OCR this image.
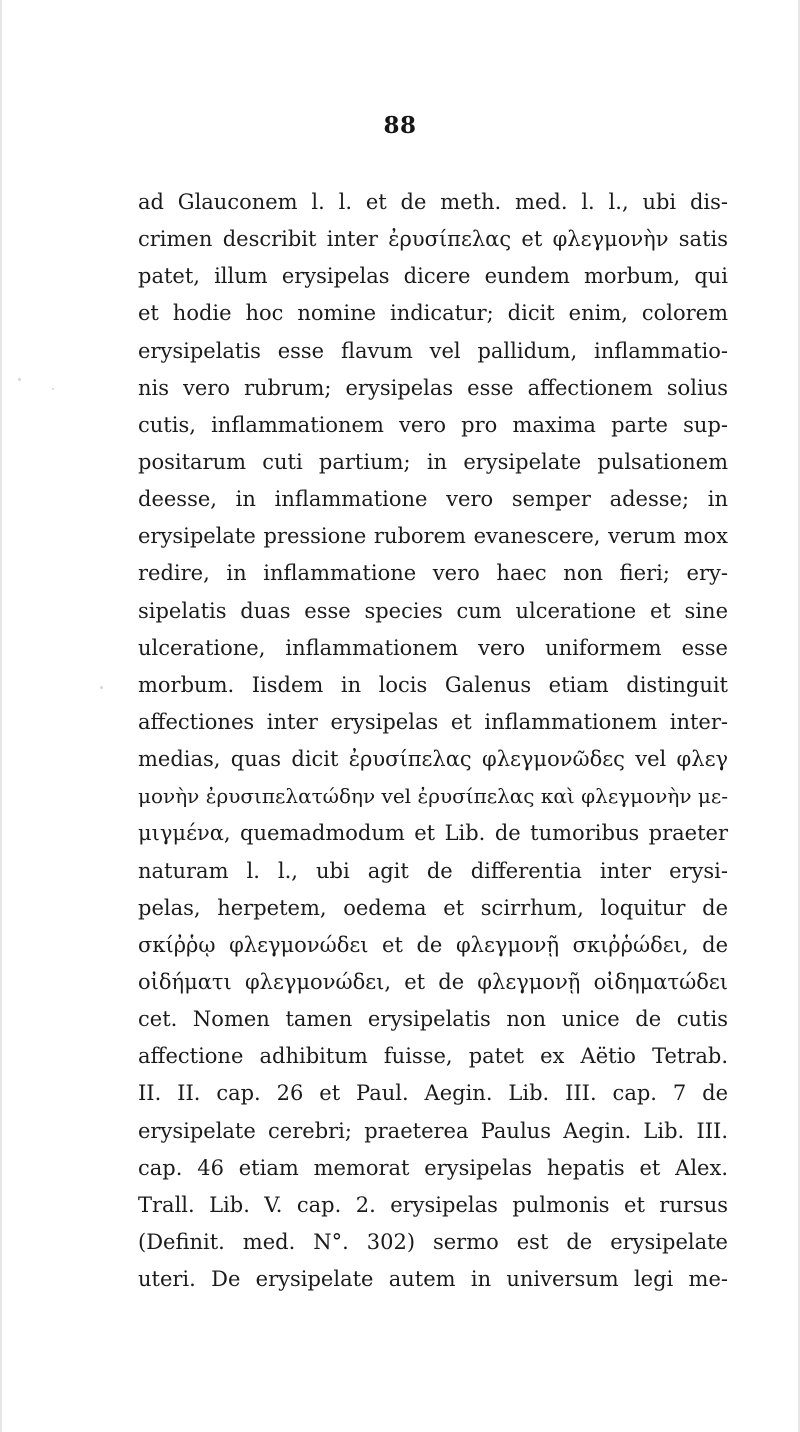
88
ad Glauconem l. l. et de meth. med. l. l., ubi dis-
crimen describit inter ἐρυσίπελας et φλεγμονὴν satis
patet, illum erysipelas dicere eundem morbum, qui
et hodie hoc nomine indicatur; dicit enim, colorem
erysipelatis esse flavum vel pallidum, inflammatio-
nis vero rubrum; erysipelas esse affectionem solius
cutis, inflammationem vero pro maxima parte sup-
positarum cuti partium; in erysipelate pulsationem
deesse, in inflammatione vero semper adesse; in
erysipelate pressione ruborem evanescere, verum mox
redire, in inflammatione vero haec non fieri; ery-
sipelatis duas esse species cum ulceratione et sine
ulceratione, inflammationem vero uniformem esse
morbum. Iisdem in locis Galenus etiam distinguit
affectiones inter erysipelas et inflammationem inter-
medias, quas dicit ἐρυσίπελας φλεγμονῶδες vel φλεγ
μονὴν ἐρυσιπελατώδην vel ἐρυσίπελας καὶ φλεγμονὴν με-
μιγμένα, quemadmodum et Lib. de tumoribus praeter
naturam l. l., ubi agit de differentia inter erysi-
pelas, herpetem, oedema et scirrhum, loquitur de
σκίῤῥῳ φλεγμονώδει et de φλεγμονῇ σκιῤῥώδει, de
οἰδήματι φλεγμονώδει, et de φλεγμονῇ οἰδηματώδει
cet. Nomen tamen erysipelatis non unice de cutis
affectione adhibitum fuisse, patet ex Aëtio Tetrab.
II. II. cap. 26 et Paul. Aegin. Lib. III. cap. 7 de
erysipelate cerebri; praeterea Paulus Aegin. Lib. III.
cap. 46 etiam memorat erysipelas hepatis et Alex.
Trall. Lib. V. cap. 2. erysipelas pulmonis et rursus
(Definit. med. N°. 302) sermo est de erysipelate
uteri. De erysipelate autem in universum legi me-
